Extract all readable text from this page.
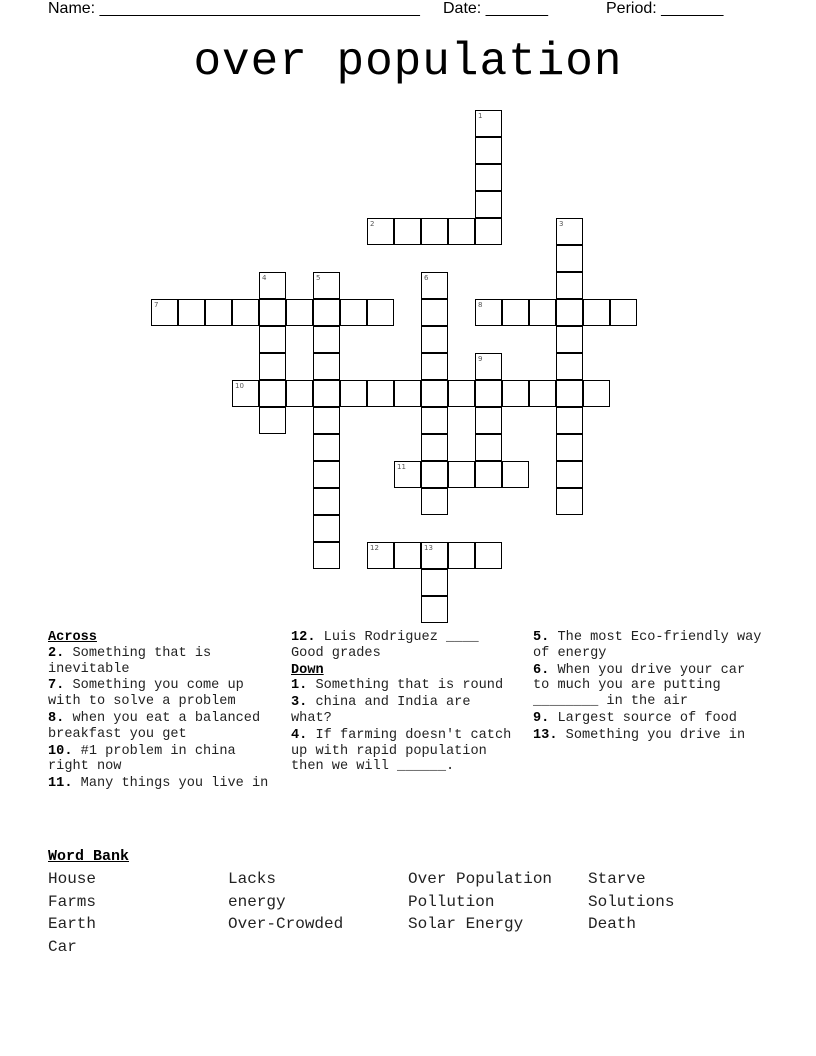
Name: ____________________________________ Date: _______	Period: _______
over population
1
2	3
4	5	6
7	8
9
10
11
12	13
Across
2. Something that is inevitable
7. Something you come up with to solve a problem
8. when you eat a balanced breakfast you get
10. #1 problem in china right now
11. Many things you live in
12. Luis Rodriguez ____ Good grades
Down
1. Something that is round
3. china and India are what?
4. If farming doesn't catch up with rapid population then we will ______.
5. The most Eco-friendly way of energy
6. When you drive your car to much you are putting ________ in the air
9. Largest source of food
13. Something you drive in
Word Bank
House	Lacks	Over Population	Starve
Farms	energy	Pollution	Solutions
Earth	Over-Crowded	Solar Energy	Death
Car
